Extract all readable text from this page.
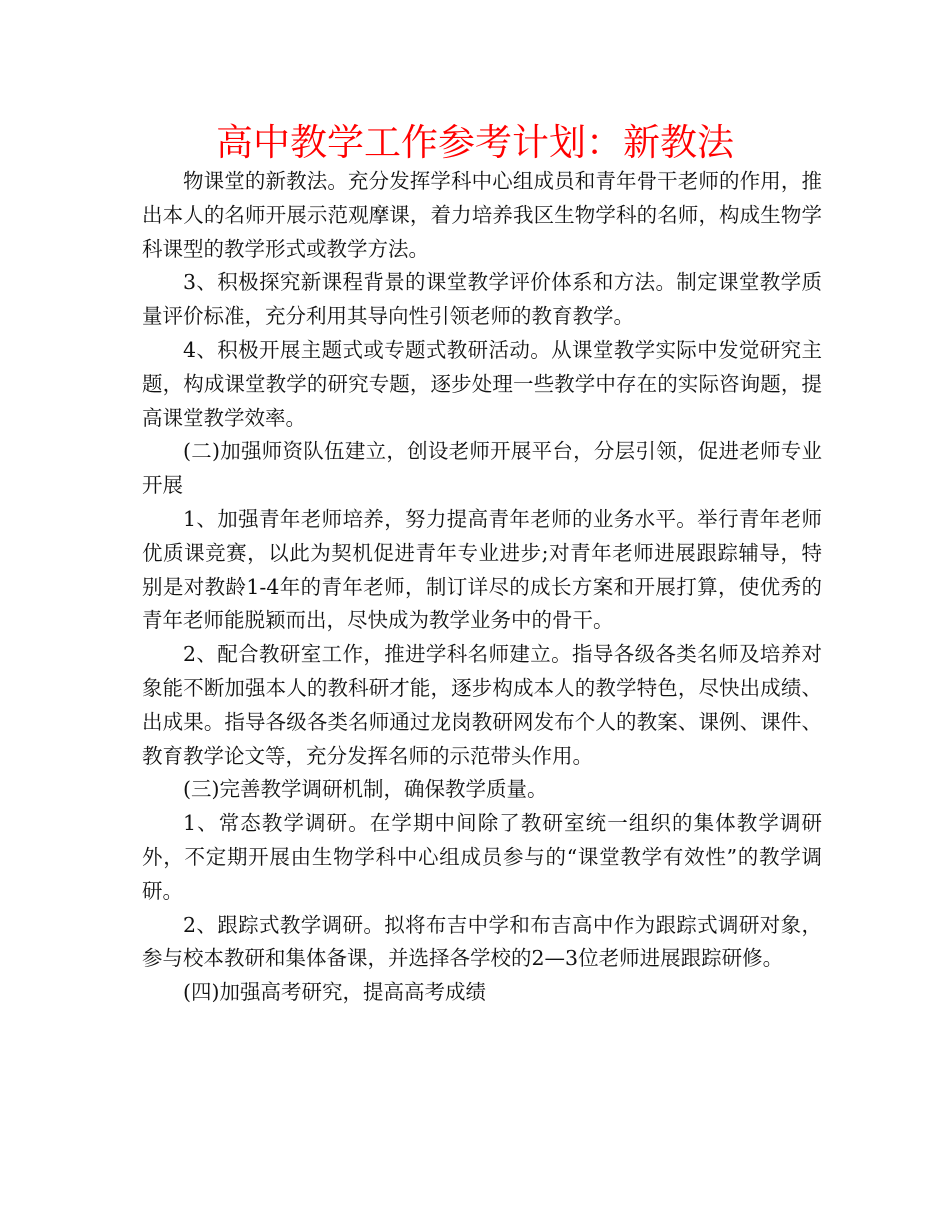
高中教学工作参考计划：新教法

物课堂的新教法。充分发挥学科中心组成员和青年骨干老师的作用，推出本人的名师开展示范观摩课，着力培养我区生物学科的名师，构成生物学科课型的教学形式或教学方法。

3、积极探究新课程背景的课堂教学评价体系和方法。制定课堂教学质量评价标准，充分利用其导向性引领老师的教育教学。

4、积极开展主题式或专题式教研活动。从课堂教学实际中发觉研究主题，构成课堂教学的研究专题，逐步处理一些教学中存在的实际咨询题，提高课堂教学效率。

(二)加强师资队伍建立，创设老师开展平台，分层引领，促进老师专业开展

1、加强青年老师培养，努力提高青年老师的业务水平。举行青年老师优质课竞赛，以此为契机促进青年专业进步;对青年老师进展跟踪辅导，特别是对教龄1-4年的青年老师，制订详尽的成长方案和开展打算，使优秀的青年老师能脱颖而出，尽快成为教学业务中的骨干。

2、配合教研室工作，推进学科名师建立。指导各级各类名师及培养对象能不断加强本人的教科研才能，逐步构成本人的教学特色，尽快出成绩、出成果。指导各级各类名师通过龙岗教研网发布个人的教案、课例、课件、教育教学论文等，充分发挥名师的示范带头作用。

(三)完善教学调研机制，确保教学质量。

1、常态教学调研。在学期中间除了教研室统一组织的集体教学调研外，不定期开展由生物学科中心组成员参与的“课堂教学有效性”的教学调研。

2、跟踪式教学调研。拟将布吉中学和布吉高中作为跟踪式调研对象，参与校本教研和集体备课，并选择各学校的2—3位老师进展跟踪研修。

(四)加强高考研究，提高高考成绩
